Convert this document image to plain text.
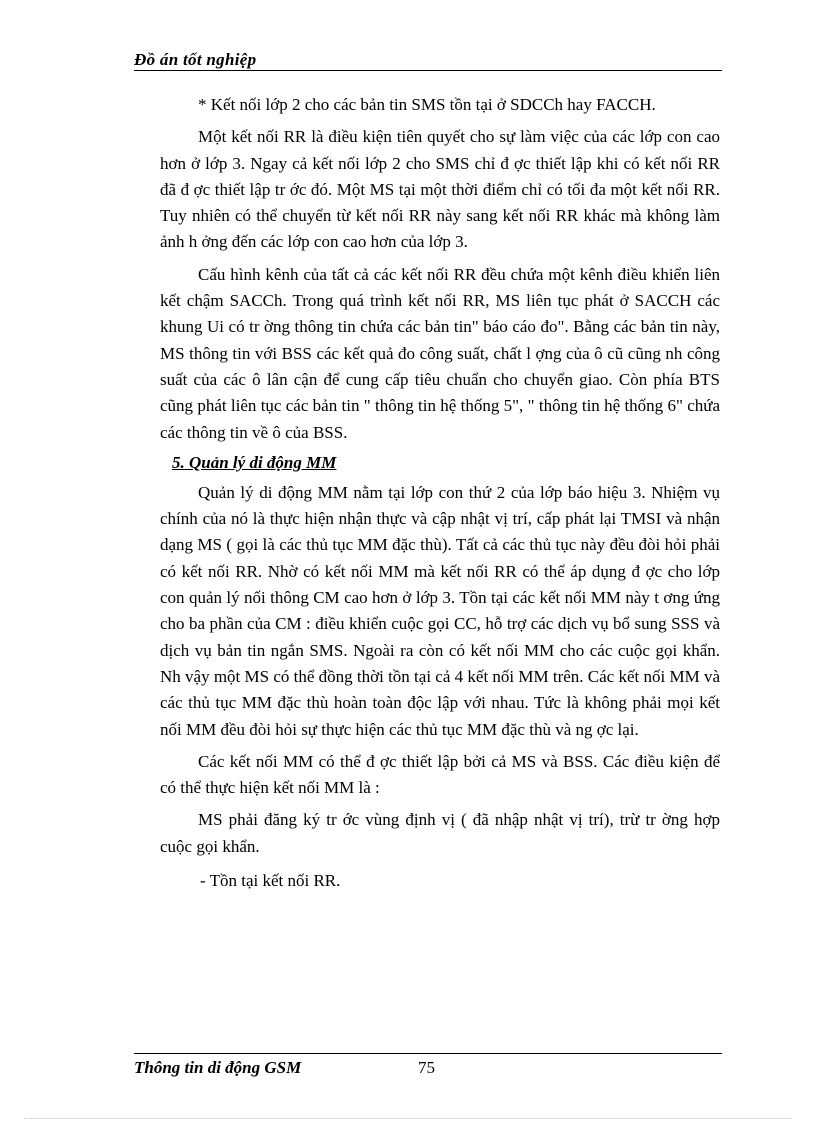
Đồ án tốt nghiệp

* Kết nối lớp 2 cho các bản tin SMS tồn tại ở SDCCh hay FACCH.

Một kết nối RR là điều kiện tiên quyết cho sự làm việc của các lớp con cao hơn ở lớp 3. Ngay cả kết nối lớp 2 cho SMS chỉ đ ợc thiết lập khi có kết nối RR đã đ ợc thiết lập tr ớc đó. Một MS tại một thời điểm chỉ có tối đa một kết nối RR. Tuy nhiên có thể chuyển từ kết nối RR này sang kết nối RR khác mà không làm ảnh h ởng đến các lớp con cao hơn của lớp 3.

Cấu hình kênh của tất cả các kết nối RR đều chứa một kênh điều khiển liên kết chậm SACCh. Trong quá trình kết nối RR, MS liên tục phát ở SACCH các khung Ui có tr ờng thông tin chứa các bản tin" báo cáo đo". Bằng các bản tin này, MS thông tin với BSS các kết quả đo công suất, chất l ợng của ô cũ cũng nh công suất của các ô lân cận để cung cấp tiêu chuẩn cho chuyển giao. Còn phía BTS cũng phát liên tục các bản tin " thông tin hệ thống 5", " thông tin hệ thống 6" chứa các thông tin về ô của BSS.

5. Quản lý di động MM

Quản lý di động MM nằm tại lớp con thứ 2 của lớp báo hiệu 3. Nhiệm vụ chính của nó là thực hiện nhận thực và cập nhật vị trí, cấp phát lại TMSI và nhận dạng MS ( gọi là các thủ tục MM đặc thù). Tất cả các thủ tục này đều đòi hỏi phải có kết nối RR. Nhờ có kết nối MM mà kết nối RR có thể áp dụng đ ợc cho lớp con quản lý nối thông CM cao hơn ở lớp 3. Tồn tại các kết nối MM này t ơng ứng cho ba phần của CM : điều khiển cuộc gọi CC, hỗ trợ các dịch vụ bổ sung SSS và dịch vụ bản tin ngắn SMS. Ngoài ra còn có kết nối MM cho các cuộc gọi khẩn. Nh vậy một MS có thể đồng thời tồn tại cả 4 kết nối MM trên. Các kết nối MM và các thủ tục MM đặc thù hoàn toàn độc lập với nhau. Tức là không phải mọi kết nối MM đều đòi hỏi sự thực hiện các thủ tục MM đặc thù và ng ợc lại.

Các kết nối MM có thể đ ợc thiết lập bởi cả MS và BSS. Các điều kiện để có thể thực hiện kết nối MM là :

MS phải đăng ký tr ớc vùng định vị ( đã nhập nhật vị trí), trừ tr ờng hợp cuộc gọi khẩn.

- Tồn tại kết nối RR.

Thông tin di động GSM	75
